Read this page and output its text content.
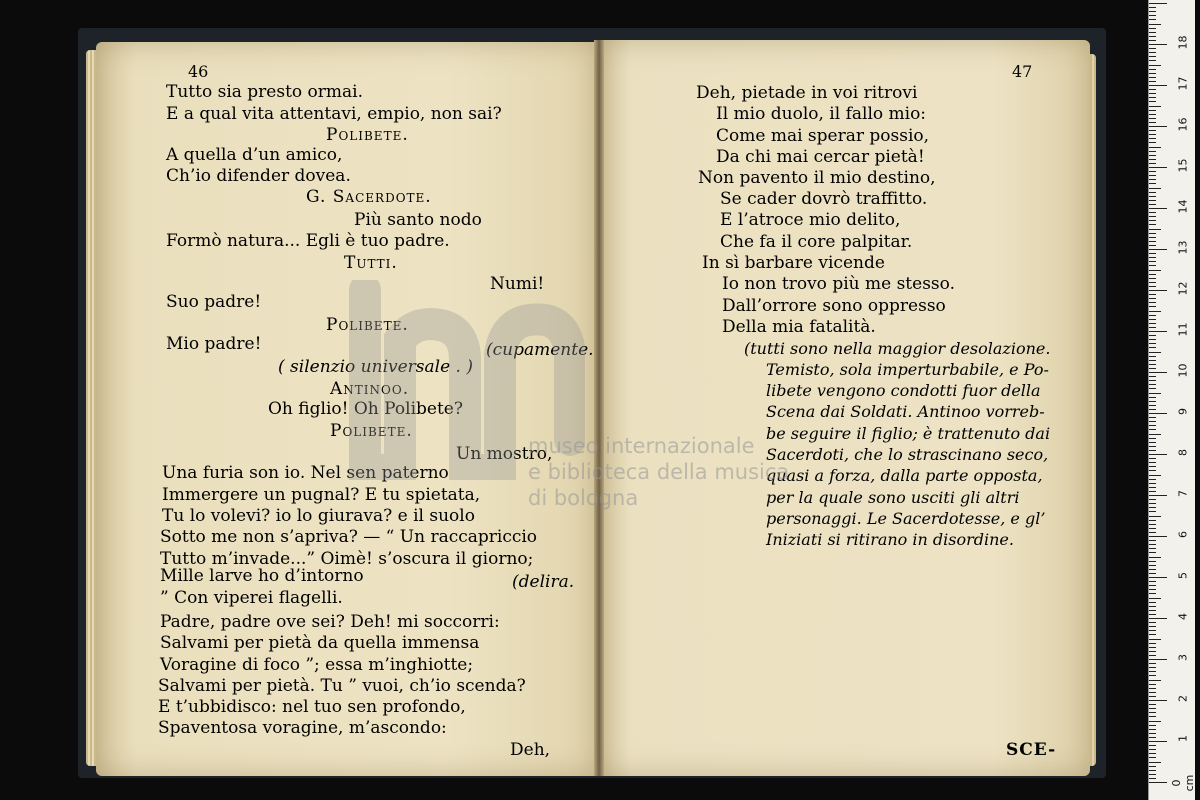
46
Tutto sia presto ormai.
E a qual vita attentavi, empio, non sai?
Polibete.
A quella d’un amico,
Ch’io difender dovea.
G. Sacerdote.
Più santo nodo
Formò natura... Egli è tuo padre.
Tutti.
Numi!
Suo padre!
Polibete.
Mio padre!	(cupamente.
( silenzio universale . )
Antinoo.
Oh figlio! Oh Polibete?
Polibete.
Un mostro,
Una furia son io. Nel sen paterno
Immergere un pugnal? E tu spietata,
Tu lo volevi? io lo giurava? e il suolo
Sotto me non s’apriva? — “ Un raccapriccio
Tutto m’invade...” Oimè! s’oscura il giorno;
Mille larve ho d’intorno	(delira.
” Con viperei flagelli.
Padre, padre ove sei? Deh! mi soccorri:
Salvami per pietà da quella immensa
Voragine di foco ”; essa m’inghiotte;
Salvami per pietà. Tu ” vuoi, ch’io scenda?
E t’ubbidisco: nel tuo sen profondo,
Spaventosa voragine, m’ascondo:
Deh,
47
Deh, pietade in voi ritrovi
Il mio duolo, il fallo mio:
Come mai sperar possio,
Da chi mai cercar pietà!
Non pavento il mio destino,
Se cader dovrò traffitto.
E l’atroce mio delito,
Che fa il core palpitar.
In sì barbare vicende
Io non trovo più me stesso.
Dall’orrore sono oppresso
Della mia fatalità.
(tutti sono nella maggior desolazione.
Temisto, sola imperturbabile, e Po-
libete vengono condotti fuor della
Scena dai Soldati. Antinoo vorreb-
be seguire il figlio; è trattenuto dai
Sacerdoti, che lo strascinano seco,
quasi a forza, dalla parte opposta,
per la quale sono usciti gli altri
personaggi. Le Sacerdotesse, e gl’
Iniziati si ritirano in disordine.
SCE-
museo internazionale
e biblioteca della musica
di bologna
0 cm
1
2
3
4
5
6
7
8
9
10
11
12
13
14
15
16
17
18
